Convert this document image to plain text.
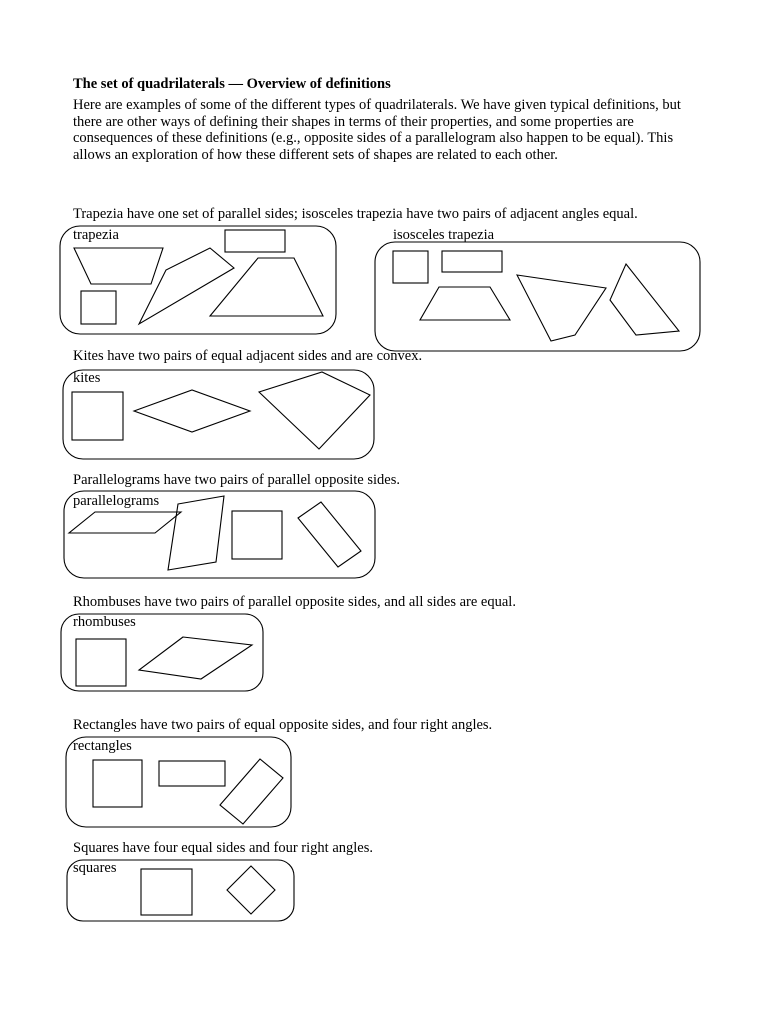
The set of quadrilaterals — Overview of definitions
Here are examples of some of the different types of quadrilaterals. We have given typical definitions, but there are other ways of defining their shapes in terms of their properties, and some properties are consequences of these definitions (e.g., opposite sides of a parallelogram also happen to be equal). This allows an exploration of how these different sets of shapes are related to each other.
Trapezia have one set of parallel sides; isosceles trapezia have two pairs of adjacent angles equal.
trapezia	isosceles trapezia
Kites have two pairs of equal adjacent sides and are convex.
kites
Parallelograms have two pairs of parallel opposite sides.
parallelograms
Rhombuses have two pairs of parallel opposite sides, and all sides are equal.
rhombuses
Rectangles have two pairs of equal opposite sides, and four right angles.
rectangles
Squares have four equal sides and four right angles.
squares
